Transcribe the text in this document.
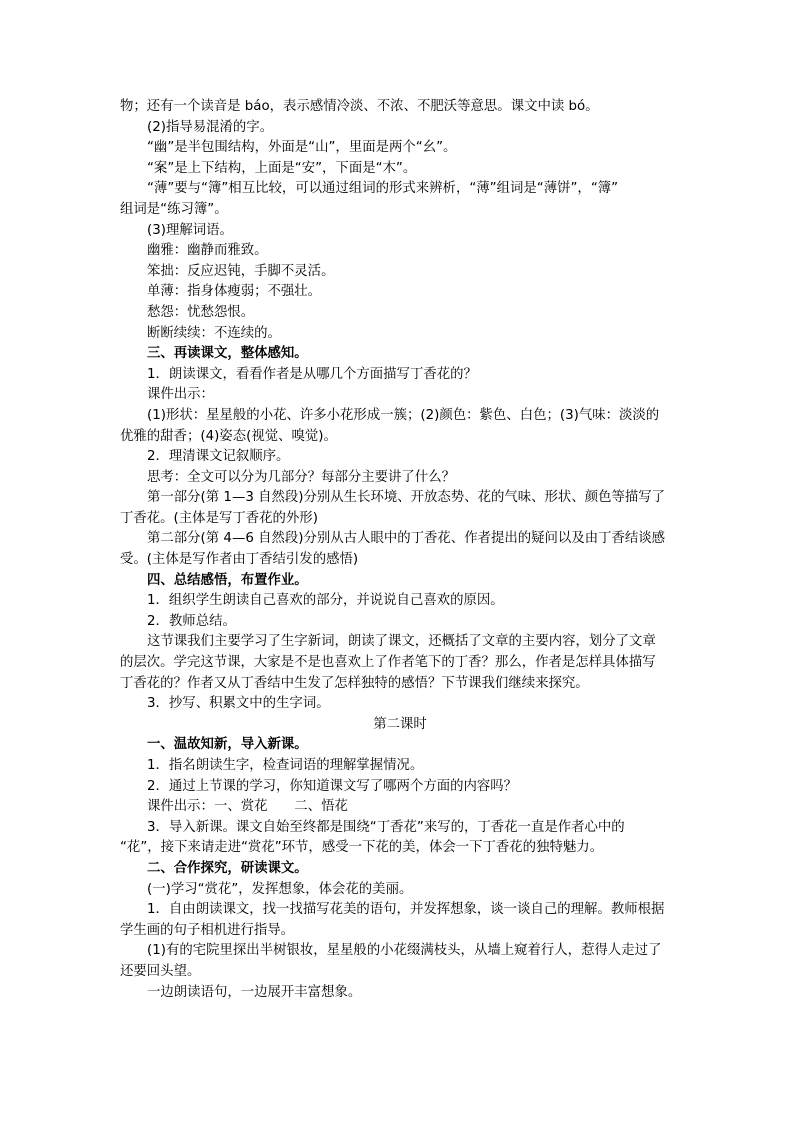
物；还有一个读音是 báo，表示感情冷淡、不浓、不肥沃等意思。课文中读 bó。
(2)指导易混淆的字。
“幽”是半包围结构，外面是“山”，里面是两个“幺”。
“案”是上下结构，上面是“安”，下面是“木”。
“薄”要与“簿”相互比较，可以通过组词的形式来辨析，“薄”组词是“薄饼”，“簿”
组词是“练习簿”。
(3)理解词语。
幽雅：幽静而雅致。
笨拙：反应迟钝，手脚不灵活。
单薄：指身体瘦弱；不强壮。
愁怨：忧愁怨恨。
断断续续：不连续的。
三、再读课文，整体感知。
1．朗读课文，看看作者是从哪几个方面描写丁香花的？
课件出示：
(1)形状：星星般的小花、许多小花形成一簇；(2)颜色：紫色、白色；(3)气味：淡淡的
优雅的甜香；(4)姿态(视觉、嗅觉)。
2．理清课文记叙顺序。
思考：全文可以分为几部分？每部分主要讲了什么？
第一部分(第 1—3 自然段)分别从生长环境、开放态势、花的气味、形状、颜色等描写了
丁香花。(主体是写丁香花的外形)
第二部分(第 4—6 自然段)分别从古人眼中的丁香花、作者提出的疑问以及由丁香结谈感
受。(主体是写作者由丁香结引发的感悟)
四、总结感悟，布置作业。
1．组织学生朗读自己喜欢的部分，并说说自己喜欢的原因。
2．教师总结。
这节课我们主要学习了生字新词，朗读了课文，还概括了文章的主要内容，划分了文章
的层次。学完这节课，大家是不是也喜欢上了作者笔下的丁香？那么，作者是怎样具体描写
丁香花的？作者又从丁香结中生发了怎样独特的感悟？下节课我们继续来探究。
3．抄写、积累文中的生字词。
第二课时
一、温故知新，导入新课。
1．指名朗读生字，检查词语的理解掌握情况。
2．通过上节课的学习，你知道课文写了哪两个方面的内容吗？
课件出示：一、赏花　　二、悟花
3．导入新课。课文自始至终都是围绕“丁香花”来写的，丁香花一直是作者心中的
“花”，接下来请走进“赏花”环节，感受一下花的美，体会一下丁香花的独特魅力。
二、合作探究，研读课文。
(一)学习“赏花”，发挥想象，体会花的美丽。
1．自由朗读课文，找一找描写花美的语句，并发挥想象，谈一谈自己的理解。教师根据
学生画的句子相机进行指导。
(1)有的宅院里探出半树银妆，星星般的小花缀满枝头，从墙上窥着行人，惹得人走过了
还要回头望。
一边朗读语句，一边展开丰富想象。
